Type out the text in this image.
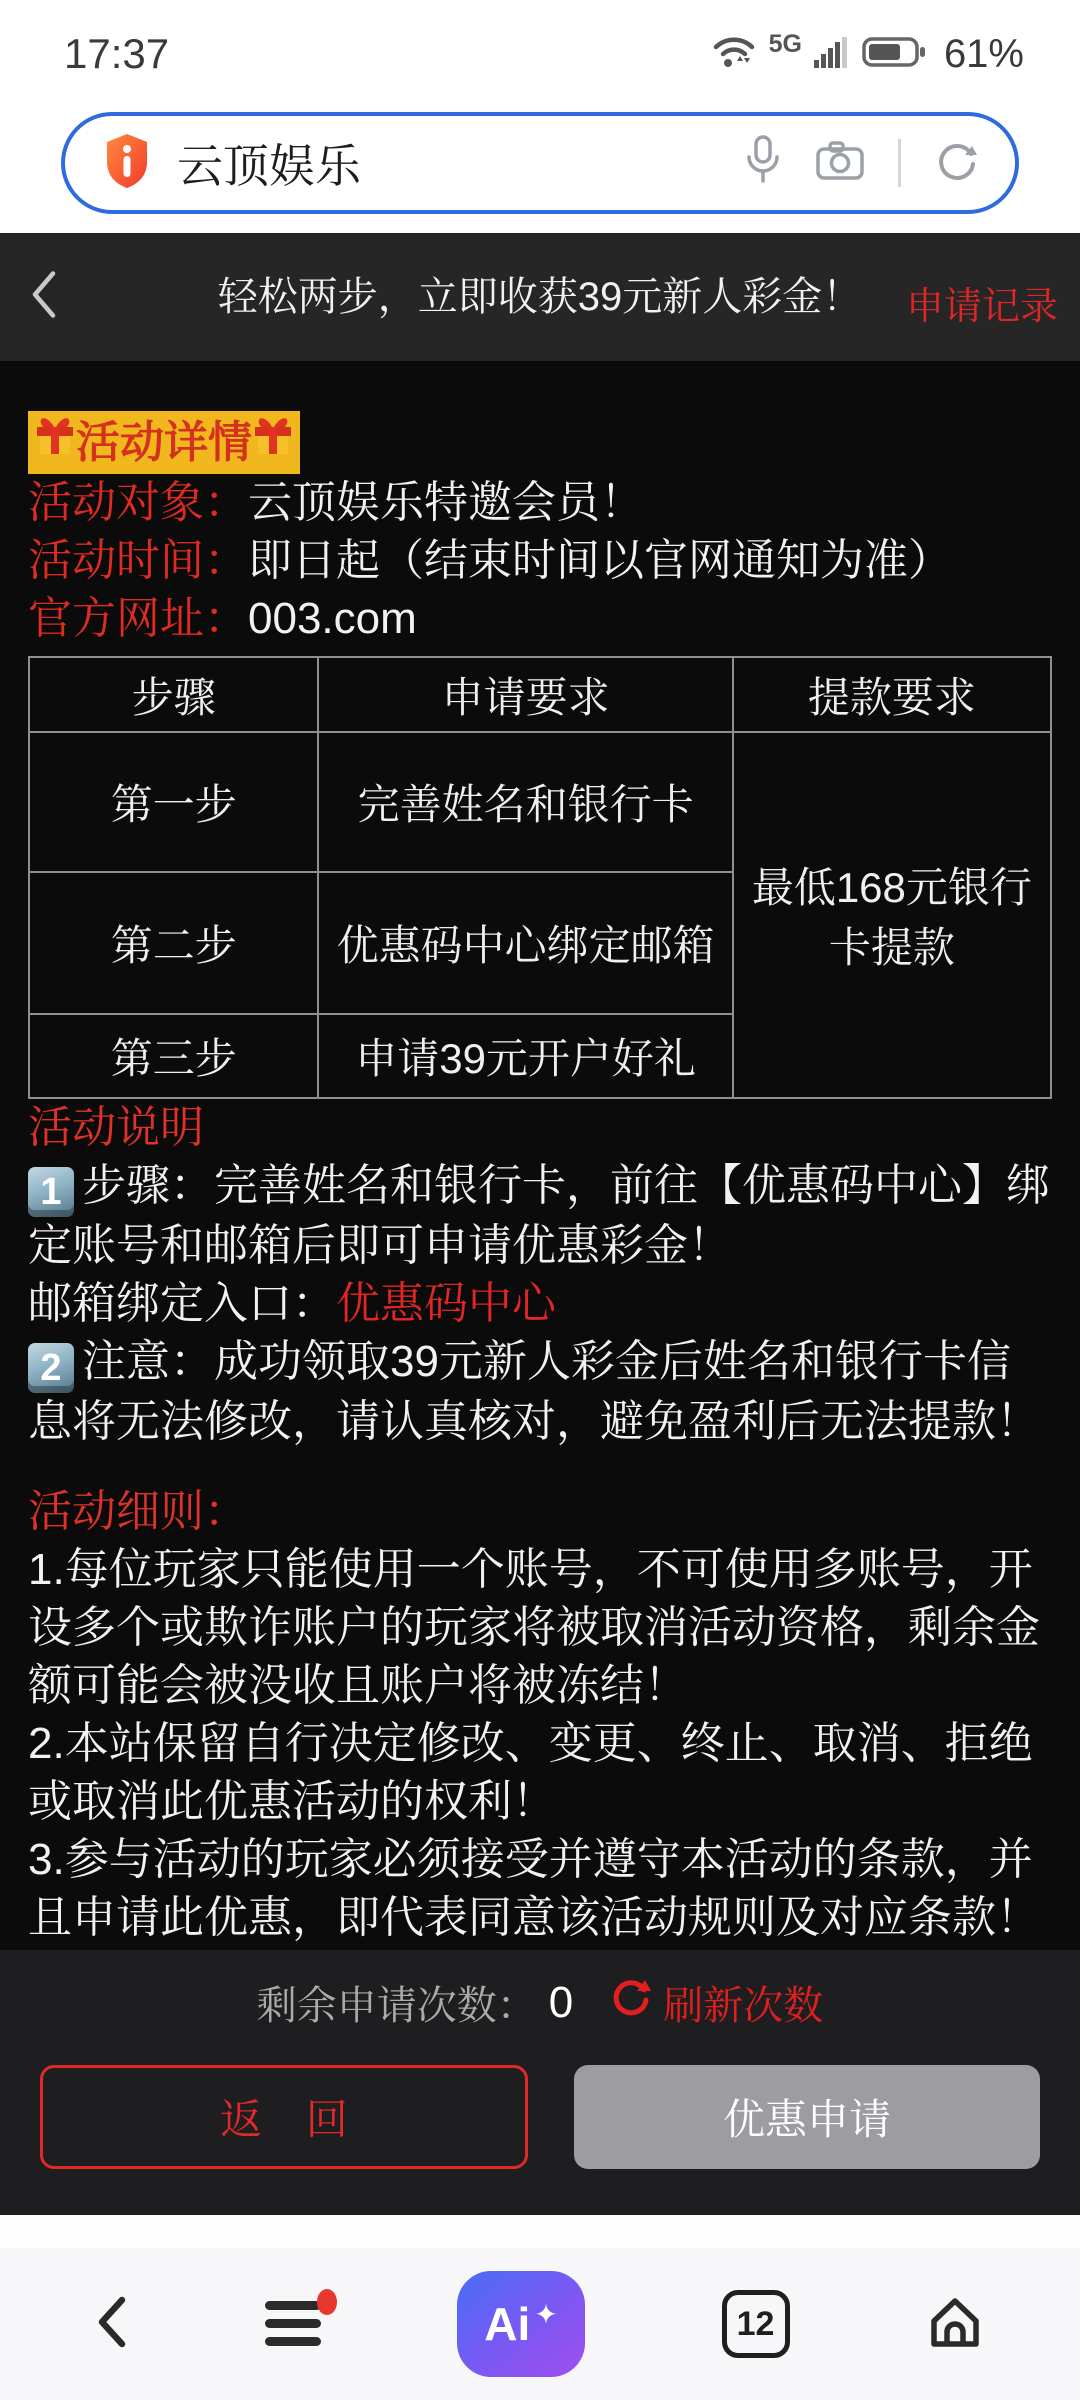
17:37	5G	61%
云顶娱乐
轻松两步，立即收获39元新人彩金！ 申请记录
活动详情
活动对象：云顶娱乐特邀会员！
活动时间：即日起（结束时间以官网通知为准）
官方网址：003.com
步骤	申请要求	提款要求
第一步	完善姓名和银行卡	最低168元银行卡提款
第二步	优惠码中心绑定邮箱	
第三步	申请39元开户好礼	
活动说明
1 步骤：完善姓名和银行卡，前往【优惠码中心】绑定账号和邮箱后即可申请优惠彩金！
邮箱绑定入口：优惠码中心
2 注意：成功领取39元新人彩金后姓名和银行卡信息将无法修改，请认真核对，避免盈利后无法提款！
活动细则：
1.每位玩家只能使用一个账号，不可使用多账号，开设多个或欺诈账户的玩家将被取消活动资格，剩余金额可能会被没收且账户将被冻结！
2.本站保留自行决定修改、变更、终止、取消、拒绝或取消此优惠活动的权利！
3.参与活动的玩家必须接受并遵守本活动的条款，并且申请此优惠，即代表同意该活动规则及对应条款！
剩余申请次数： 0 刷新次数
返 回	优惠申请
Ai ✦	12
